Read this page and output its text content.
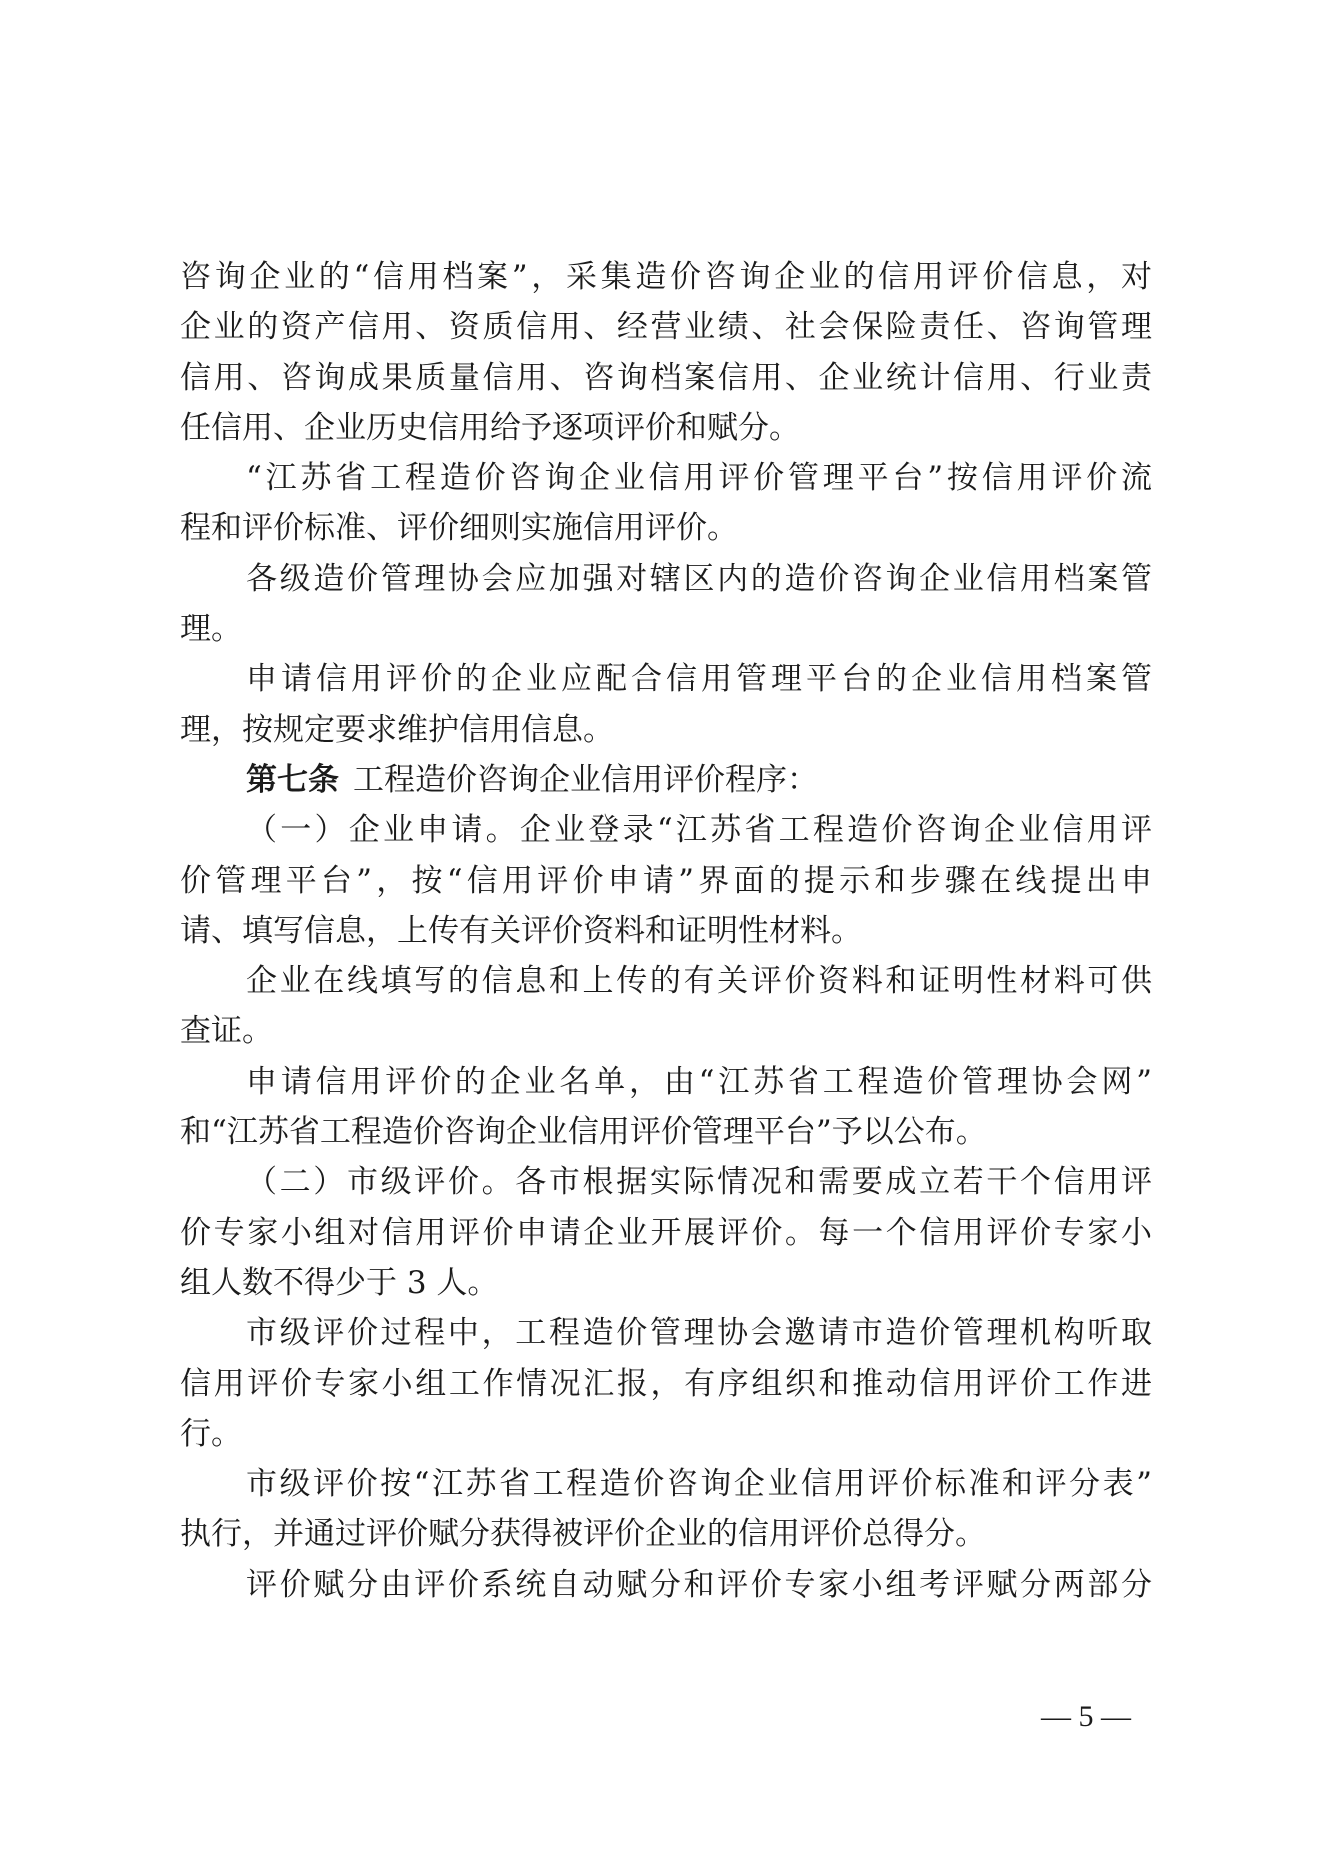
咨询企业的“信用档案”，采集造价咨询企业的信用评价信息，对
企业的资产信用、资质信用、经营业绩、社会保险责任、咨询管理
信用、咨询成果质量信用、咨询档案信用、企业统计信用、行业责
任信用、企业历史信用给予逐项评价和赋分。
“江苏省工程造价咨询企业信用评价管理平台”按信用评价流
程和评价标准、评价细则实施信用评价。
各级造价管理协会应加强对辖区内的造价咨询企业信用档案管
理。
申请信用评价的企业应配合信用管理平台的企业信用档案管
理，按规定要求维护信用信息。
第七条 工程造价咨询企业信用评价程序：
（一）企业申请。企业登录“江苏省工程造价咨询企业信用评
价管理平台”，按“信用评价申请”界面的提示和步骤在线提出申
请、填写信息，上传有关评价资料和证明性材料。
企业在线填写的信息和上传的有关评价资料和证明性材料可供
查证。
申请信用评价的企业名单，由“江苏省工程造价管理协会网”
和“江苏省工程造价咨询企业信用评价管理平台”予以公布。
（二）市级评价。各市根据实际情况和需要成立若干个信用评
价专家小组对信用评价申请企业开展评价。每一个信用评价专家小
组人数不得少于 3 人。
市级评价过程中，工程造价管理协会邀请市造价管理机构听取
信用评价专家小组工作情况汇报，有序组织和推动信用评价工作进
行。
市级评价按“江苏省工程造价咨询企业信用评价标准和评分表”
执行，并通过评价赋分获得被评价企业的信用评价总得分。
评价赋分由评价系统自动赋分和评价专家小组考评赋分两部分
— 5 —
